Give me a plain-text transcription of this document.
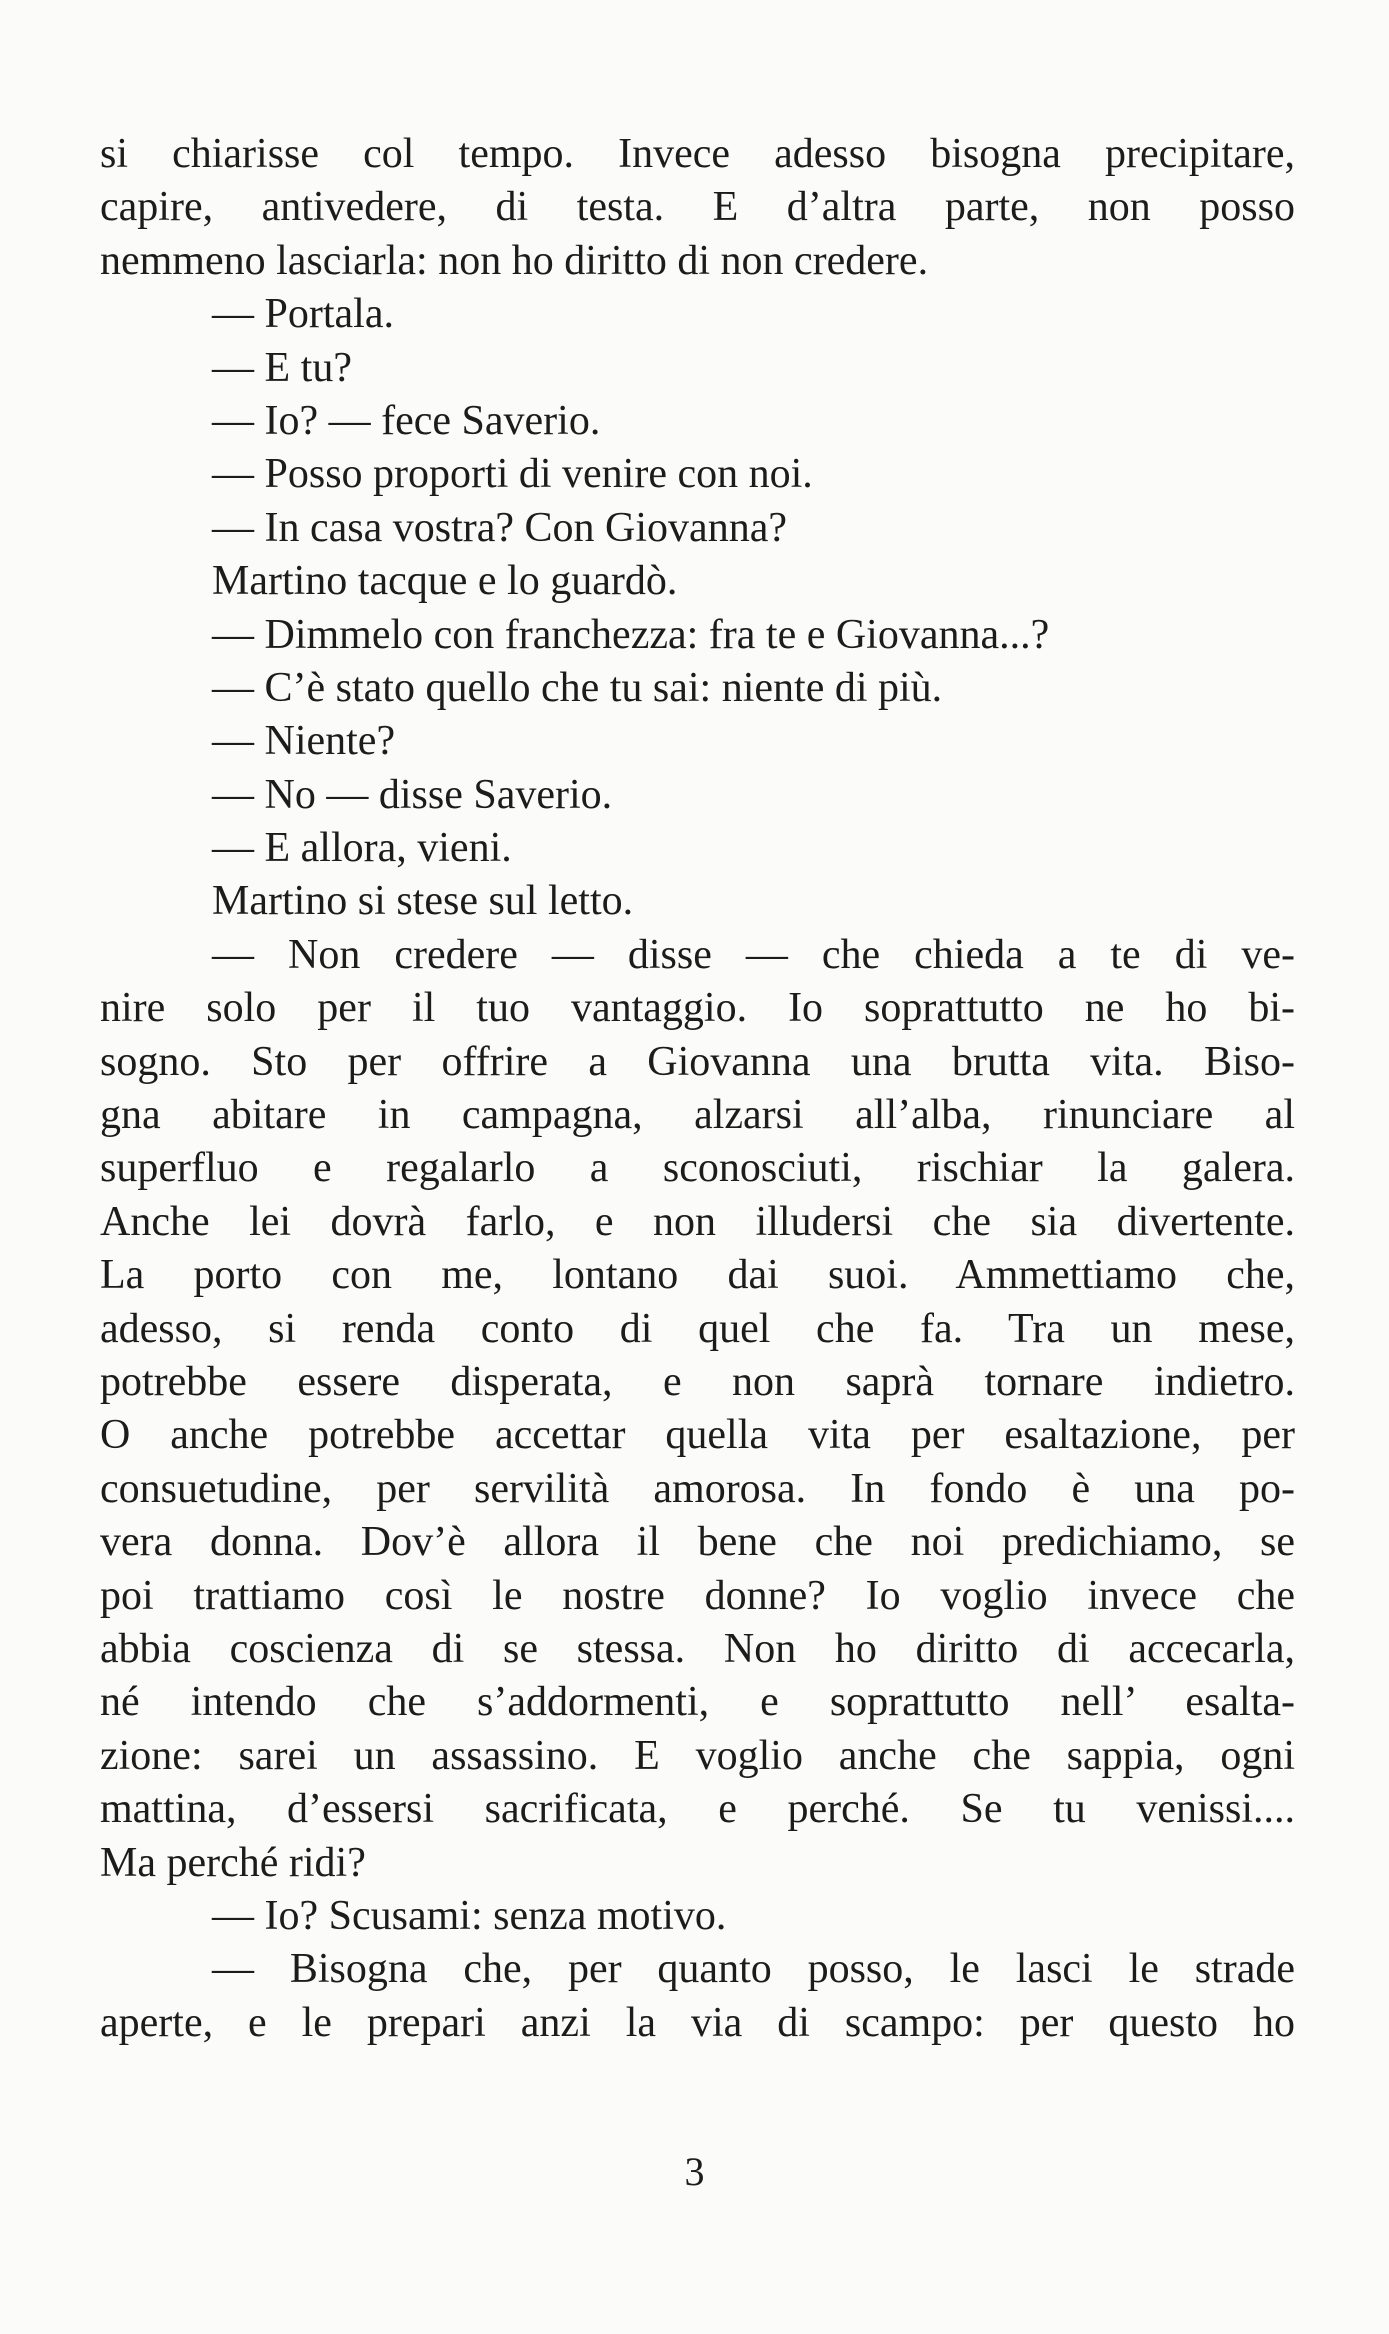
si chiarisse col tempo. Invece adesso bisogna precipitare,
capire, antivedere, di testa. E d’altra parte, non posso
nemmeno lasciarla: non ho diritto di non credere.
— Portala.
— E tu?
— Io? — fece Saverio.
— Posso proporti di venire con noi.
— In casa vostra? Con Giovanna?
Martino tacque e lo guardò.
— Dimmelo con franchezza: fra te e Giovanna...?
— C’è stato quello che tu sai: niente di più.
— Niente?
— No — disse Saverio.
— E allora, vieni.
Martino si stese sul letto.
— Non credere — disse — che chieda a te di ve-
nire solo per il tuo vantaggio. Io soprattutto ne ho bi-
sogno. Sto per offrire a Giovanna una brutta vita. Biso-
gna abitare in campagna, alzarsi all’alba, rinunciare al
superfluo e regalarlo a sconosciuti, rischiar la galera.
Anche lei dovrà farlo, e non illudersi che sia divertente.
La porto con me, lontano dai suoi. Ammettiamo che,
adesso, si renda conto di quel che fa. Tra un mese,
potrebbe essere disperata, e non saprà tornare indietro.
O anche potrebbe accettar quella vita per esaltazione, per
consuetudine, per servilità amorosa. In fondo è una po-
vera donna. Dov’è allora il bene che noi predichiamo, se
poi trattiamo così le nostre donne? Io voglio invece che
abbia coscienza di se stessa. Non ho diritto di accecarla,
né intendo che s’addormenti, e soprattutto nell’ esalta-
zione: sarei un assassino. E voglio anche che sappia, ogni
mattina, d’essersi sacrificata, e perché. Se tu venissi....
Ma perché ridi?
— Io? Scusami: senza motivo.
— Bisogna che, per quanto posso, le lasci le strade
aperte, e le prepari anzi la via di scampo: per questo ho
3
